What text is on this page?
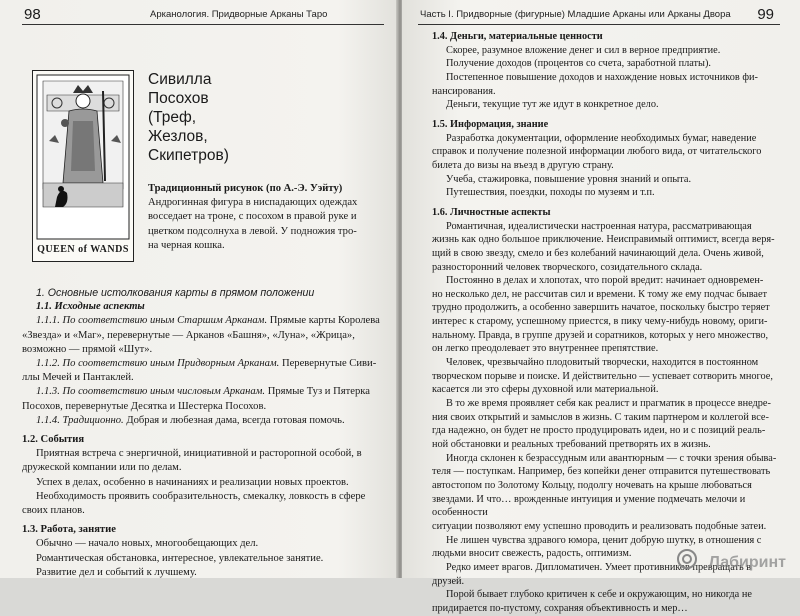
98	Арканология. Придворные Арканы Таро
QUEEN of WANDS
Сивилла
Посохов
(Треф,
Жезлов,
Скипетров)

Традиционный рисунок (по А.-Э. Уэйту)

Андрогинная фигура в ниспадающих одеждах

восседает на троне, с посохом в правой руке и

цветком подсолнуха в левой. У подножия тро-

на черная кошка.

1. Основные истолкования карты в прямом положении

1.1. Исходные аспекты

1.1.1. По соответствию иным Старшим Арканам. Прямые карты Королева

«Звезда» и «Маг», перевернутые — Арканов «Башня», «Луна», «Жрица»,

возможно — прямой «Шут».

1.1.2. По соответствию иным Придворным Арканам. Перевернутые Сиви-

ллы Мечей и Пантаклей.

1.1.3. По соответствию иным числовым Арканам. Прямые Туз и Пятерка

Посохов, перевернутые Десятка и Шестерка Посохов.

1.1.4. Традиционно. Добрая и любезная дама, всегда готовая помочь.

1.2. События

Приятная встреча с энергичной, инициативной и расторопной особой, в

дружеской компании или по делам.

Успех в делах, особенно в начинаниях и реализации новых проектов.

Необходимость проявить сообразительность, смекалку, ловкость в сфере

своих планов.

1.3. Работа, занятие

Обычно — начало новых, многообещающих дел.

Романтическая обстановка, интересное, увлекательное занятие.

Развитие дел и событий к лучшему.

Часть I. Придворные (фигурные) Младшие Арканы или Арканы Двора 99

1.4. Деньги, материальные ценности

Скорее, разумное вложение денег и сил в верное предприятие.

Получение доходов (процентов со счета, заработной платы).

Постепенное повышение доходов и нахождение новых источников фи-

нансирования.

Деньги, текущие тут же идут в конкретное дело.

1.5. Информация, знание

Разработка документации, оформление необходимых бумаг, наведение

справок и получение полезной информации любого вида, от читательского

билета до визы на въезд в другую страну.

Учеба, стажировка, повышение уровня знаний и опыта.

Путешествия, поездки, походы по музеям и т.п.

1.6. Личностные аспекты

Романтичная, идеалистически настроенная натура, рассматривающая

жизнь как одно большое приключение. Неисправимый оптимист, всегда веря-

щий в свою звезду, смело и без колебаний начинающий дела. Очень живой,

разносторонний человек творческого, созидательного склада.

Постоянно в делах и хлопотах, что порой вредит: начинает одновремен-

но несколько дел, не рассчитав сил и времени. К тому же ему подчас бывает

трудно продолжить, а особенно завершить начатое, поскольку быстро теряет

интерес к старому, успешному приестся, в пику чему-нибудь новому, ориги-

нальному. Правда, в группе друзей и соратников, которых у него множество,

он легко преодолевает это внутреннее препятствие.

Человек, чрезвычайно плодовитый творчески, находится в постоянном

творческом порыве и поиске. И действительно — успевает сотворить многое,

касается ли это сферы духовной или материальной.

В то же время проявляет себя как реалист и прагматик в процессе внедре-

ния своих открытий и замыслов в жизнь. С таким партнером и коллегой все-

гда надежно, он будет не просто продуцировать идеи, но и с позиций реаль-

ной обстановки и реальных требований претворять их в жизнь.

Иногда склонен к безрассудным или авантюрным — с точки зрения обыва-

теля — поступкам. Например, без копейки денег отправится путешествовать

автостопом по Золотому Кольцу, подолгу ночевать на крыше любоваться

звездами. И что… врожденные интуиция и умение подмечать мелочи и особенности

ситуации позволяют ему успешно проводить и реализовать подобные затеи.

Не лишен чувства здравого юмора, ценит добрую шутку, в отношения с

людьми вносит свежесть, радость, оптимизм.

Редко имеет врагов. Дипломатичен. Умеет противников превращать в

друзей.

Порой бывает глубоко критичен к себе и окружающим, но никогда не

придирается по-пустому, сохраняя объективность и мер…

Лабиринт
